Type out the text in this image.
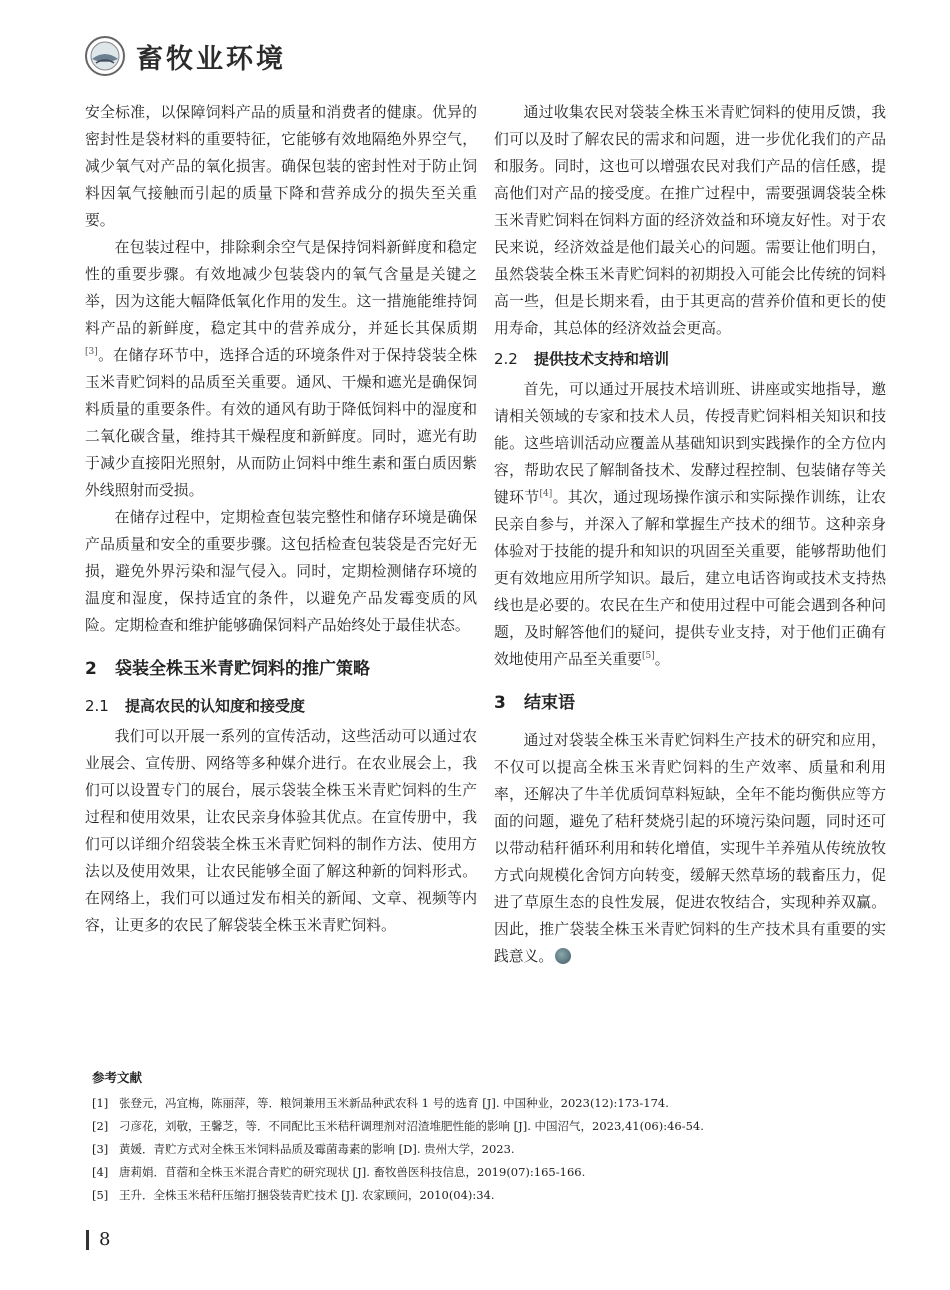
畜牧业环境

安全标准，以保障饲料产品的质量和消费者的健康。优异的密封性是袋材料的重要特征，它能够有效地隔绝外界空气，减少氧气对产品的氧化损害。确保包装的密封性对于防止饲料因氧气接触而引起的质量下降和营养成分的损失至关重要。

在包装过程中，排除剩余空气是保持饲料新鲜度和稳定性的重要步骤。有效地减少包装袋内的氧气含量是关键之举，因为这能大幅降低氧化作用的发生。这一措施能维持饲料产品的新鲜度，稳定其中的营养成分，并延长其保质期[3]。在储存环节中，选择合适的环境条件对于保持袋装全株玉米青贮饲料的品质至关重要。通风、干燥和遮光是确保饲料质量的重要条件。有效的通风有助于降低饲料中的湿度和二氧化碳含量，维持其干燥程度和新鲜度。同时，遮光有助于减少直接阳光照射，从而防止饲料中维生素和蛋白质因紫外线照射而受损。

在储存过程中，定期检查包装完整性和储存环境是确保产品质量和安全的重要步骤。这包括检查包装袋是否完好无损，避免外界污染和湿气侵入。同时，定期检测储存环境的温度和湿度，保持适宜的条件，以避免产品发霉变质的风险。定期检查和维护能够确保饲料产品始终处于最佳状态。

2 袋装全株玉米青贮饲料的推广策略
2.1 提高农民的认知度和接受度

我们可以开展一系列的宣传活动，这些活动可以通过农业展会、宣传册、网络等多种媒介进行。在农业展会上，我们可以设置专门的展台，展示袋装全株玉米青贮饲料的生产过程和使用效果，让农民亲身体验其优点。在宣传册中，我们可以详细介绍袋装全株玉米青贮饲料的制作方法、使用方法以及使用效果，让农民能够全面了解这种新的饲料形式。在网络上，我们可以通过发布相关的新闻、文章、视频等内容，让更多的农民了解袋装全株玉米青贮饲料。

通过收集农民对袋装全株玉米青贮饲料的使用反馈，我们可以及时了解农民的需求和问题，进一步优化我们的产品和服务。同时，这也可以增强农民对我们产品的信任感，提高他们对产品的接受度。在推广过程中，需要强调袋装全株玉米青贮饲料在饲料方面的经济效益和环境友好性。对于农民来说，经济效益是他们最关心的问题。需要让他们明白，虽然袋装全株玉米青贮饲料的初期投入可能会比传统的饲料高一些，但是长期来看，由于其更高的营养价值和更长的使用寿命，其总体的经济效益会更高。

2.2 提供技术支持和培训

首先，可以通过开展技术培训班、讲座或实地指导，邀请相关领域的专家和技术人员，传授青贮饲料相关知识和技能。这些培训活动应覆盖从基础知识到实践操作的全方位内容，帮助农民了解制备技术、发酵过程控制、包装储存等关键环节[4]。其次，通过现场操作演示和实际操作训练，让农民亲自参与，并深入了解和掌握生产技术的细节。这种亲身体验对于技能的提升和知识的巩固至关重要，能够帮助他们更有效地应用所学知识。最后，建立电话咨询或技术支持热线也是必要的。农民在生产和使用过程中可能会遇到各种问题，及时解答他们的疑问，提供专业支持，对于他们正确有效地使用产品至关重要[5]。

3 结束语

通过对袋装全株玉米青贮饲料生产技术的研究和应用，不仅可以提高全株玉米青贮饲料的生产效率、质量和利用率，还解决了牛羊优质饲草料短缺，全年不能均衡供应等方面的问题，避免了秸秆焚烧引起的环境污染问题，同时还可以带动秸秆循环利用和转化增值，实现牛羊养殖从传统放牧方式向规模化舍饲方向转变，缓解天然草场的载畜压力，促进了草原生态的良性发展，促进农牧结合，实现种养双赢。因此，推广袋装全株玉米青贮饲料的生产技术具有重要的实践意义。

参考文献
[1] 张登元，冯宜梅，陈丽萍，等．粮饲兼用玉米新品种武农科 1 号的选育 [J]. 中国种业，2023(12):173-174.
[2] 刁彦花，刘敬，王馨芝，等．不同配比玉米秸秆调理剂对沼渣堆肥性能的影响 [J]. 中国沼气，2023,41(06):46-54.
[3] 黄媛．青贮方式对全株玉米饲料品质及霉菌毒素的影响 [D]. 贵州大学，2023.
[4] 唐莉娟．苜蓿和全株玉米混合青贮的研究现状 [J]. 畜牧兽医科技信息，2019(07):165-166.
[5] 王升．全株玉米秸秆压缩打捆袋装青贮技术 [J]. 农家顾问，2010(04):34.
8
